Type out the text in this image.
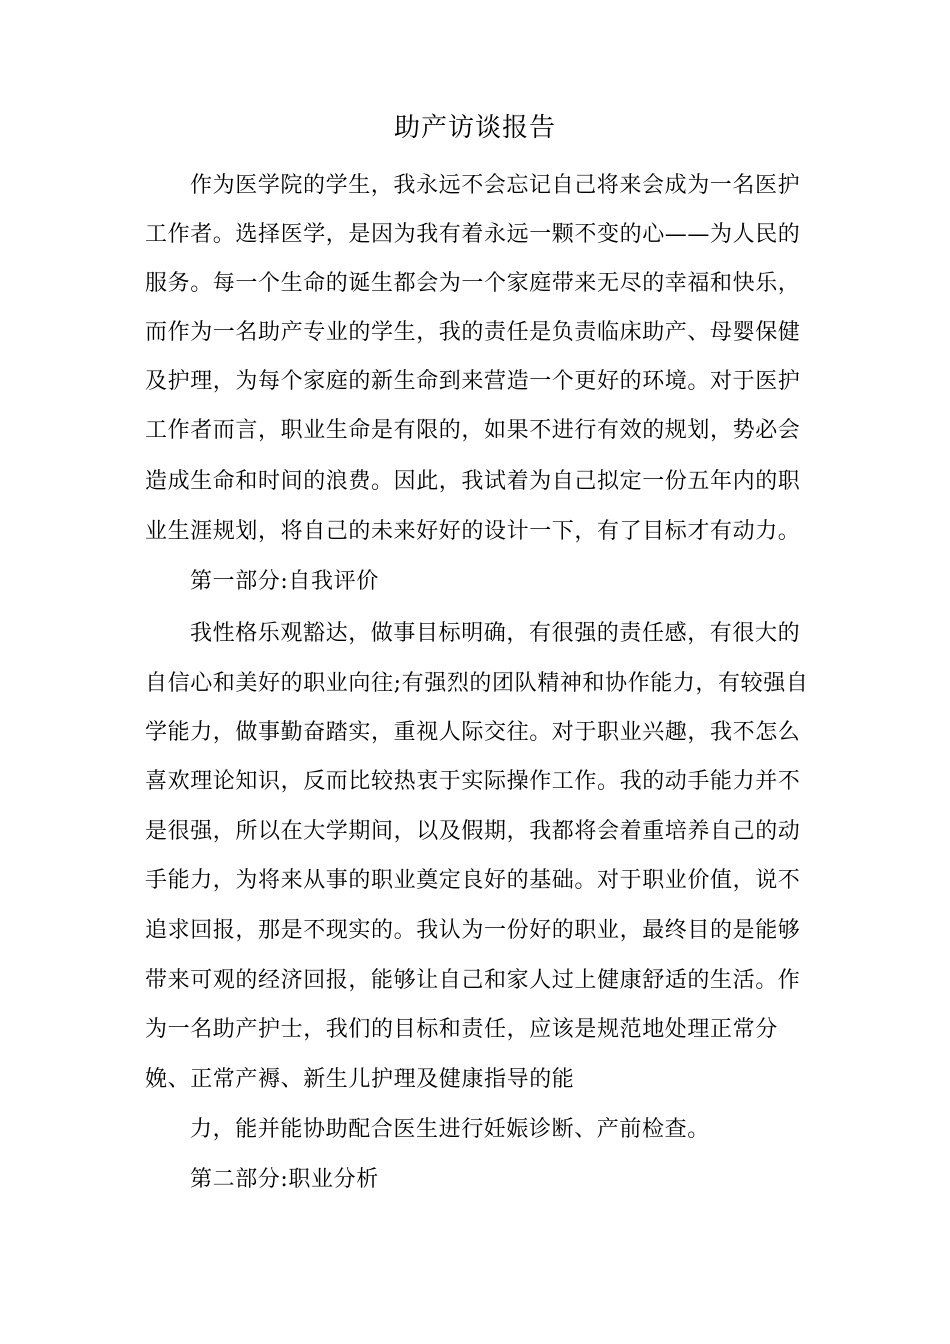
助产访谈报告
作为医学院的学生，我永远不会忘记自己将来会成为一名医护
工作者。选择医学，是因为我有着永远一颗不变的心——为人民的
服务。每一个生命的诞生都会为一个家庭带来无尽的幸福和快乐，
而作为一名助产专业的学生，我的责任是负责临床助产、母婴保健
及护理，为每个家庭的新生命到来营造一个更好的环境。对于医护
工作者而言，职业生命是有限的，如果不进行有效的规划，势必会
造成生命和时间的浪费。因此，我试着为自己拟定一份五年内的职
业生涯规划，将自己的未来好好的设计一下，有了目标才有动力。
第一部分:自我评价
我性格乐观豁达，做事目标明确，有很强的责任感，有很大的
自信心和美好的职业向往;有强烈的团队精神和协作能力，有较强自
学能力，做事勤奋踏实，重视人际交往。对于职业兴趣，我不怎么
喜欢理论知识，反而比较热衷于实际操作工作。我的动手能力并不
是很强，所以在大学期间，以及假期，我都将会着重培养自己的动
手能力，为将来从事的职业奠定良好的基础。对于职业价值，说不
追求回报，那是不现实的。我认为一份好的职业，最终目的是能够
带来可观的经济回报，能够让自己和家人过上健康舒适的生活。作
为一名助产护士，我们的目标和责任，应该是规范地处理正常分
娩、正常产褥、新生儿护理及健康指导的能
力，能并能协助配合医生进行妊娠诊断、产前检查。
第二部分:职业分析
